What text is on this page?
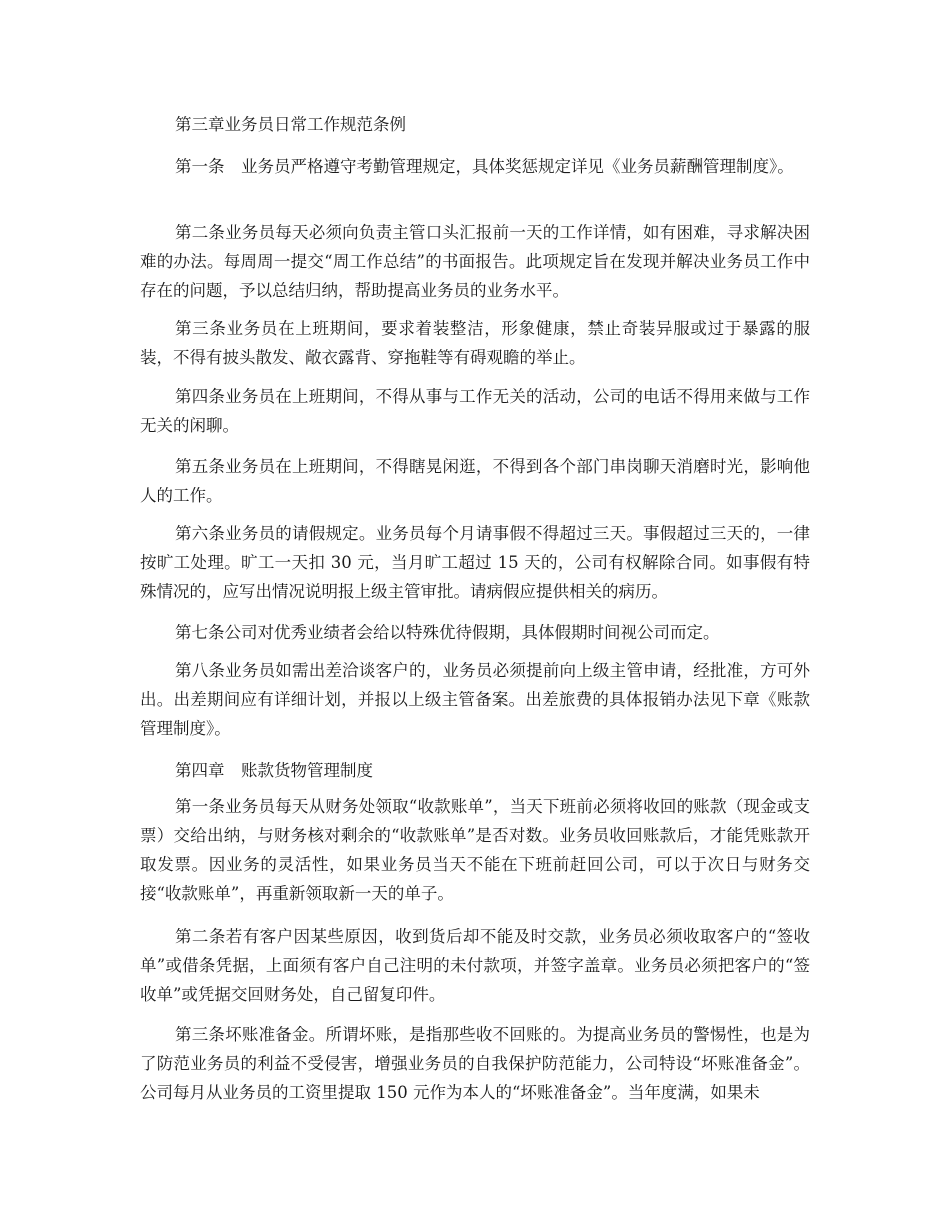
第三章业务员日常工作规范条例

第一条　业务员严格遵守考勤管理规定，具体奖惩规定详见《业务员薪酬管理制度》。

第二条业务员每天必须向负责主管口头汇报前一天的工作详情，如有困难，寻求解决困难的办法。每周周一提交“周工作总结”的书面报告。此项规定旨在发现并解决业务员工作中存在的问题，予以总结归纳，帮助提高业务员的业务水平。

第三条业务员在上班期间，要求着装整洁，形象健康，禁止奇装异服或过于暴露的服装，不得有披头散发、敞衣露背、穿拖鞋等有碍观瞻的举止。

第四条业务员在上班期间，不得从事与工作无关的活动，公司的电话不得用来做与工作无关的闲聊。

第五条业务员在上班期间，不得瞎晃闲逛，不得到各个部门串岗聊天消磨时光，影响他人的工作。

第六条业务员的请假规定。业务员每个月请事假不得超过三天。事假超过三天的，一律按旷工处理。旷工一天扣 30 元，当月旷工超过 15 天的，公司有权解除合同。如事假有特殊情况的，应写出情况说明报上级主管审批。请病假应提供相关的病历。

第七条公司对优秀业绩者会给以特殊优待假期，具体假期时间视公司而定。

第八条业务员如需出差洽谈客户的，业务员必须提前向上级主管申请，经批准，方可外出。出差期间应有详细计划，并报以上级主管备案。出差旅费的具体报销办法见下章《账款管理制度》。

第四章　账款货物管理制度

第一条业务员每天从财务处领取“收款账单”，当天下班前必须将收回的账款（现金或支票）交给出纳，与财务核对剩余的“收款账单”是否对数。业务员收回账款后，才能凭账款开取发票。因业务的灵活性，如果业务员当天不能在下班前赶回公司，可以于次日与财务交接“收款账单”，再重新领取新一天的单子。

第二条若有客户因某些原因，收到货后却不能及时交款，业务员必须收取客户的“签收单”或借条凭据，上面须有客户自己注明的未付款项，并签字盖章。业务员必须把客户的“签收单”或凭据交回财务处，自己留复印件。

第三条坏账准备金。所谓坏账，是指那些收不回账的。为提高业务员的警惕性，也是为了防范业务员的利益不受侵害，增强业务员的自我保护防范能力，公司特设“坏账准备金”。公司每月从业务员的工资里提取 150 元作为本人的“坏账准备金”。当年度满，如果未
